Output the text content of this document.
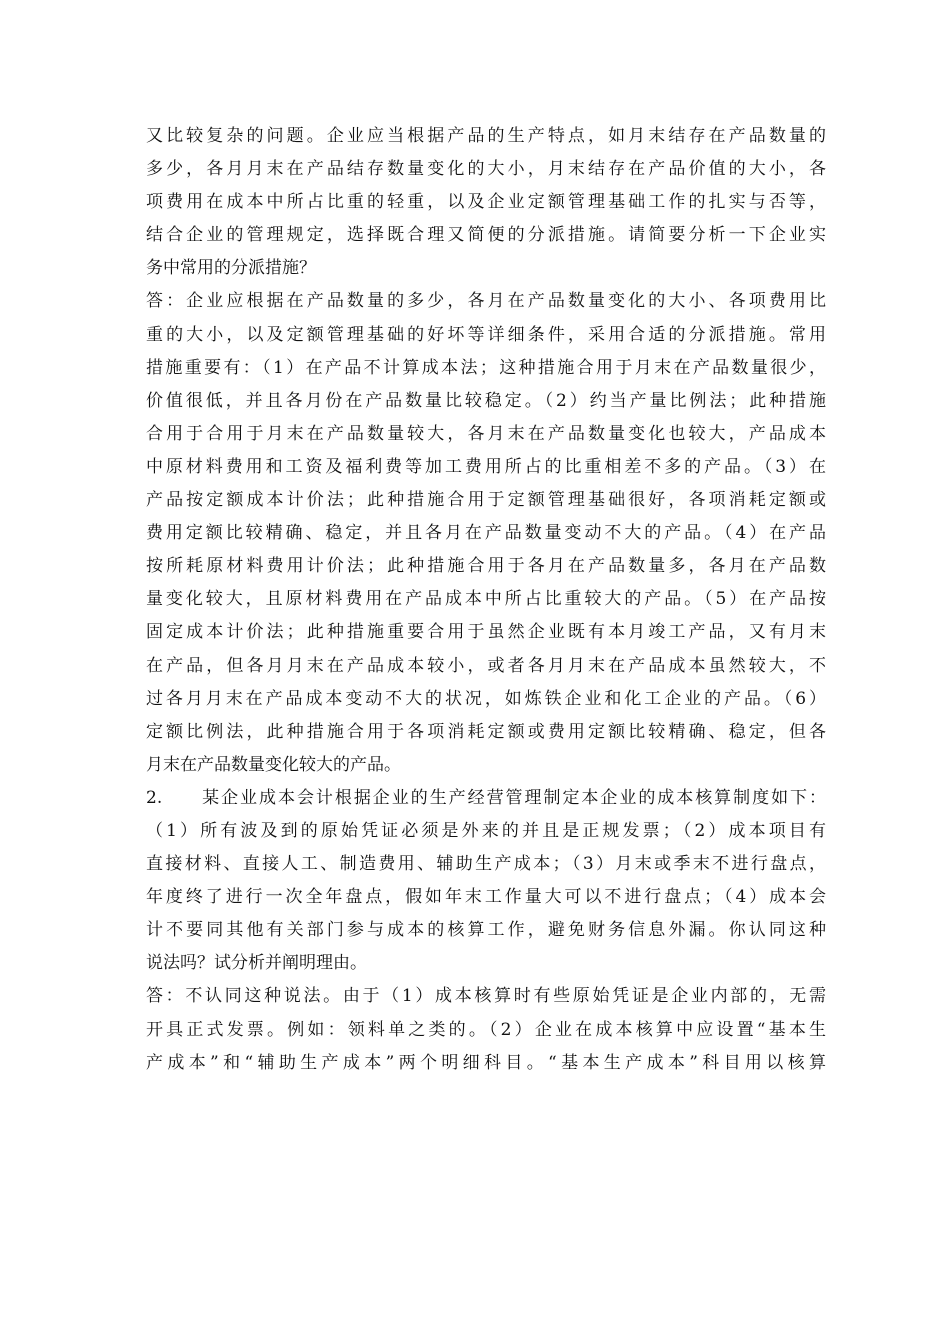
又比较复杂的问题。企业应当根据产品的生产特点，如月末结存在产品数量的
多少，各月月末在产品结存数量变化的大小，月末结存在产品价值的大小，各
项费用在成本中所占比重的轻重，以及企业定额管理基础工作的扎实与否等，
结合企业的管理规定，选择既合理又简便的分派措施。请简要分析一下企业实
务中常用的分派措施？
答：企业应根据在产品数量的多少，各月在产品数量变化的大小、各项费用比
重的大小，以及定额管理基础的好坏等详细条件，采用合适的分派措施。常用
措施重要有：（1）在产品不计算成本法；这种措施合用于月末在产品数量很少，
价值很低，并且各月份在产品数量比较稳定。（2）约当产量比例法；此种措施
合用于合用于月末在产品数量较大，各月末在产品数量变化也较大，产品成本
中原材料费用和工资及福利费等加工费用所占的比重相差不多的产品。（3）在
产品按定额成本计价法；此种措施合用于定额管理基础很好，各项消耗定额或
费用定额比较精确、稳定，并且各月在产品数量变动不大的产品。（4）在产品
按所耗原材料费用计价法；此种措施合用于各月在产品数量多，各月在产品数
量变化较大，且原材料费用在产品成本中所占比重较大的产品。（5）在产品按
固定成本计价法；此种措施重要合用于虽然企业既有本月竣工产品，又有月末
在产品，但各月月末在产品成本较小，或者各月月末在产品成本虽然较大，不
过各月月末在产品成本变动不大的状况，如炼铁企业和化工企业的产品。（6）
定额比例法，此种措施合用于各项消耗定额或费用定额比较精确、稳定，但各
月末在产品数量变化较大的产品。
2.　　某企业成本会计根据企业的生产经营管理制定本企业的成本核算制度如下：
（1）所有波及到的原始凭证必须是外来的并且是正规发票；（2）成本项目有
直接材料、直接人工、制造费用、辅助生产成本；（3）月末或季末不进行盘点，
年度终了进行一次全年盘点，假如年末工作量大可以不进行盘点；（4）成本会
计不要同其他有关部门参与成本的核算工作，避免财务信息外漏。你认同这种
说法吗？试分析并阐明理由。
答：不认同这种说法。由于（1）成本核算时有些原始凭证是企业内部的，无需
开具正式发票。例如：领料单之类的。（2）企业在成本核算中应设置“基本生
产成本”和“辅助生产成本”两个明细科目。“基本生产成本”科目用以核算
